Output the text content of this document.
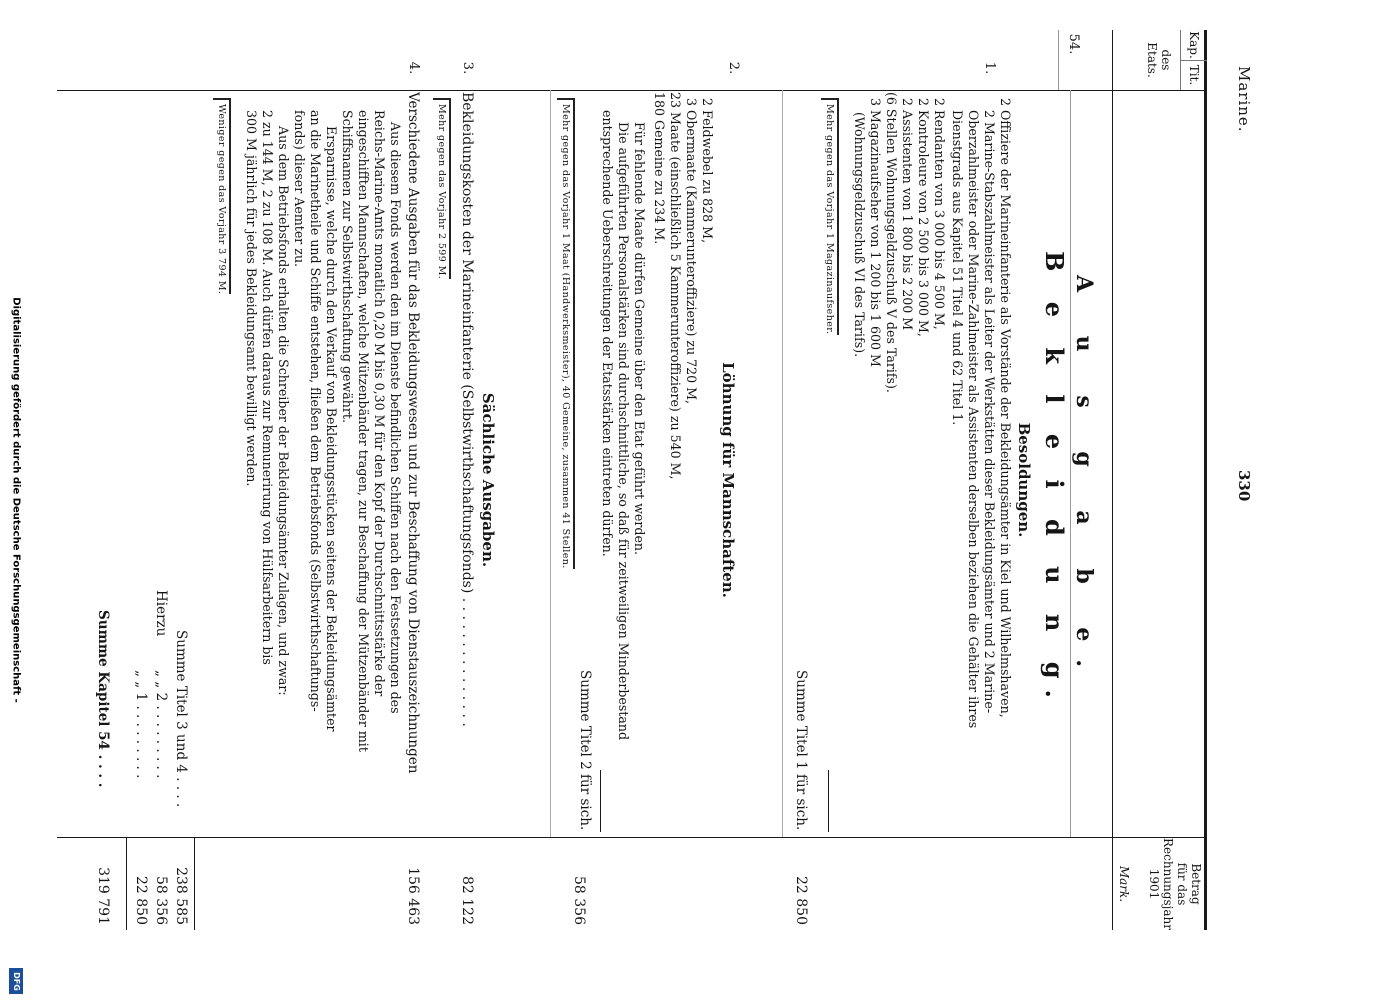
Digitalisierung gefördert durch die Deutsche Forschungsgemeinschaft -
DFG
Marine.
330
Kap.
Tit.
des Etats.
Betrag
für das
Rechnungsjahr
1901
Mark.
54.
A u s g a b e.
B e k l e i d u n g.
1.
Besoldungen.
2 Offiziere der Marineinfanterie als Vorstände der Bekleidungsämter in Kiel und Wilhelmshaven,
2 Marine-Stabszahlmeister als Leiter der Werkstätten dieser Bekleidungsämter und 2 Marine-
Oberzahlmeister oder Marine-Zahlmeister als Assistenten derselben beziehen die Gehälter ihres
Dienstgrads aus Kapitel 51 Titel 4 und 62 Titel 1.
2 Rendanten von 3 000 bis 4 500 M,
2 Kontroleure von 2 500 bis 3 000 M,
2 Assistenten von 1 800 bis 2 200 M
(6 Stellen Wohnungsgeldzuschuß V des Tarifs).
3 Magazinaufseher von 1 200 bis 1 600 M
(Wohnungsgeldzuschuß VI des Tarifs).
Mehr gegen das Vorjahr 1 Magazinaufseher.
Summe Titel 1 für sich.
22 850
2.
Löhnung für Mannschaften.
2 Feldwebel zu 828 M,
3 Obermaate (Kammerunteroffiziere) zu 720 M,
23 Maate (einschließlich 5 Kammerunteroffiziere) zu 540 M,
180 Gemeine zu 234 M.
Für fehlende Maate dürfen Gemeine über den Etat geführt werden.
Die aufgeführten Personalstärken sind durchschnittliche, so daß für zeitweiligen Minderbestand
entsprechende Ueberschreitungen der Etatsstärken eintreten dürfen.
Mehr gegen das Vorjahr 1 Maat (Handwerksmeister), 40 Gemeine, zusammen 41 Stellen.
Summe Titel 2 für sich.
58 356
Sächliche Ausgaben.
3.
Bekleidungskosten der Marineinfanterie (Selbstwirthschaftungsfonds) . . . . . . . . . . . . . . .
Mehr gegen das Vorjahr 2 599 M.
82 122
4.
Verschiedene Ausgaben für das Bekleidungswesen und zur Beschaffung von Dienstauszeichnungen
Aus diesem Fonds werden den im Dienste befindlichen Schiffen nach den Festsetzungen des
Reichs-Marine-Amts monatlich 0,20 M bis 0,30 M für den Kopf der Durchschnittsstärke der
eingeschifften Mannschaften, welche Mützenbänder tragen, zur Beschaffung der Mützenbänder mit
Schiffsnamen zur Selbstwirthschaftung gewährt.
Ersparnisse, welche durch den Verkauf von Bekleidungsstücken seitens der Bekleidungsämter
an die Marinetheile und Schiffe entstehen, fließen dem Betriebsfonds (Selbstwirthschaftungs-
fonds) dieser Aemter zu.
Aus dem Betriebsfonds erhalten die Schreiber der Bekleidungsämter Zulagen, und zwar:
2 zu 144 M, 2 zu 108 M. Auch dürfen daraus zur Remunerirung von Hülfsarbeitern bis
300 M jährlich für jedes Bekleidungsamt bewilligt werden.
Weniger gegen das Vorjahr 3 794 M.
156 463
Summe Titel 3 und 4 . . . .
238 585
Hierzu
„ „ 2 . . . . . . . . .
58 356
„ „ 1 . . . . . . . . .
22 850
Summe Kapitel 54 . . . .
319 791
